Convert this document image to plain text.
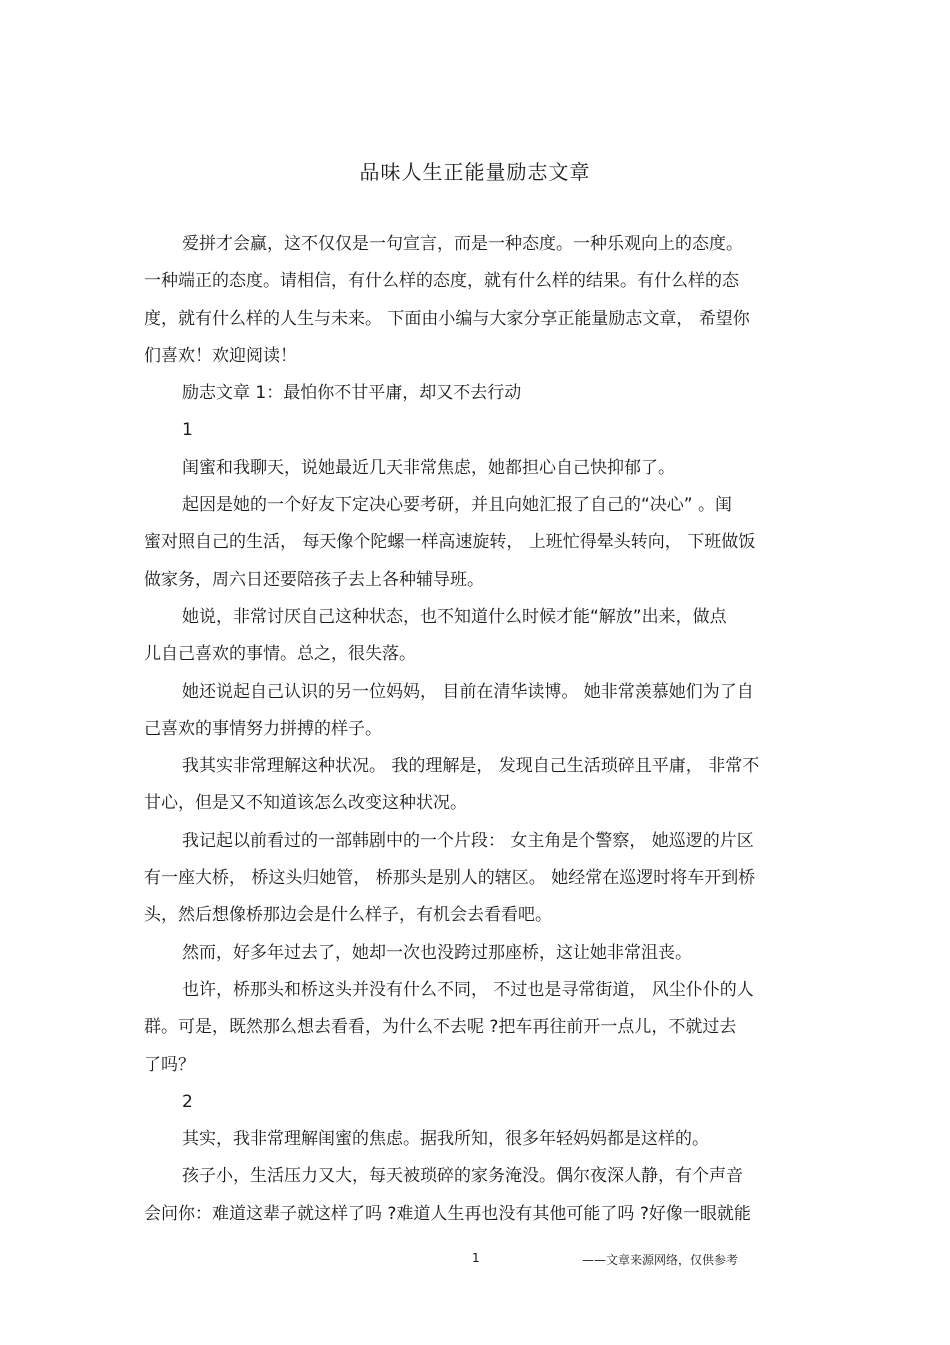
品味人生正能量励志文章
爱拼才会赢，这不仅仅是一句宣言，而是一种态度。一种乐观向上的态度。
一种端正的态度。请相信，有什么样的态度，就有什么样的结果。有什么样的态
度，就有什么样的人生与未来。 下面由小编与大家分享正能量励志文章， 希望你
们喜欢！欢迎阅读！
励志文章 1：最怕你不甘平庸，却又不去行动
1
闺蜜和我聊天，说她最近几天非常焦虑，她都担心自己快抑郁了。
起因是她的一个好友下定决心要考研，并且向她汇报了自己的“决心” 。闺
蜜对照自己的生活， 每天像个陀螺一样高速旋转， 上班忙得晕头转向， 下班做饭
做家务，周六日还要陪孩子去上各种辅导班。
她说，非常讨厌自己这种状态，也不知道什么时候才能“解放”出来，做点
儿自己喜欢的事情。总之，很失落。
她还说起自己认识的另一位妈妈， 目前在清华读博。 她非常羡慕她们为了自
己喜欢的事情努力拼搏的样子。
我其实非常理解这种状况。 我的理解是， 发现自己生活琐碎且平庸， 非常不
甘心，但是又不知道该怎么改变这种状况。
我记起以前看过的一部韩剧中的一个片段： 女主角是个警察， 她巡逻的片区
有一座大桥， 桥这头归她管， 桥那头是别人的辖区。 她经常在巡逻时将车开到桥
头，然后想像桥那边会是什么样子，有机会去看看吧。
然而，好多年过去了，她却一次也没跨过那座桥，这让她非常沮丧。
也许，桥那头和桥这头并没有什么不同， 不过也是寻常街道， 风尘仆仆的人
群。可是，既然那么想去看看，为什么不去呢 ?把车再往前开一点儿，不就过去
了吗？
2
其实，我非常理解闺蜜的焦虑。据我所知，很多年轻妈妈都是这样的。
孩子小，生活压力又大，每天被琐碎的家务淹没。偶尔夜深人静，有个声音
会问你：难道这辈子就这样了吗 ?难道人生再也没有其他可能了吗 ?好像一眼就能
1	——文章来源网络，仅供参考
